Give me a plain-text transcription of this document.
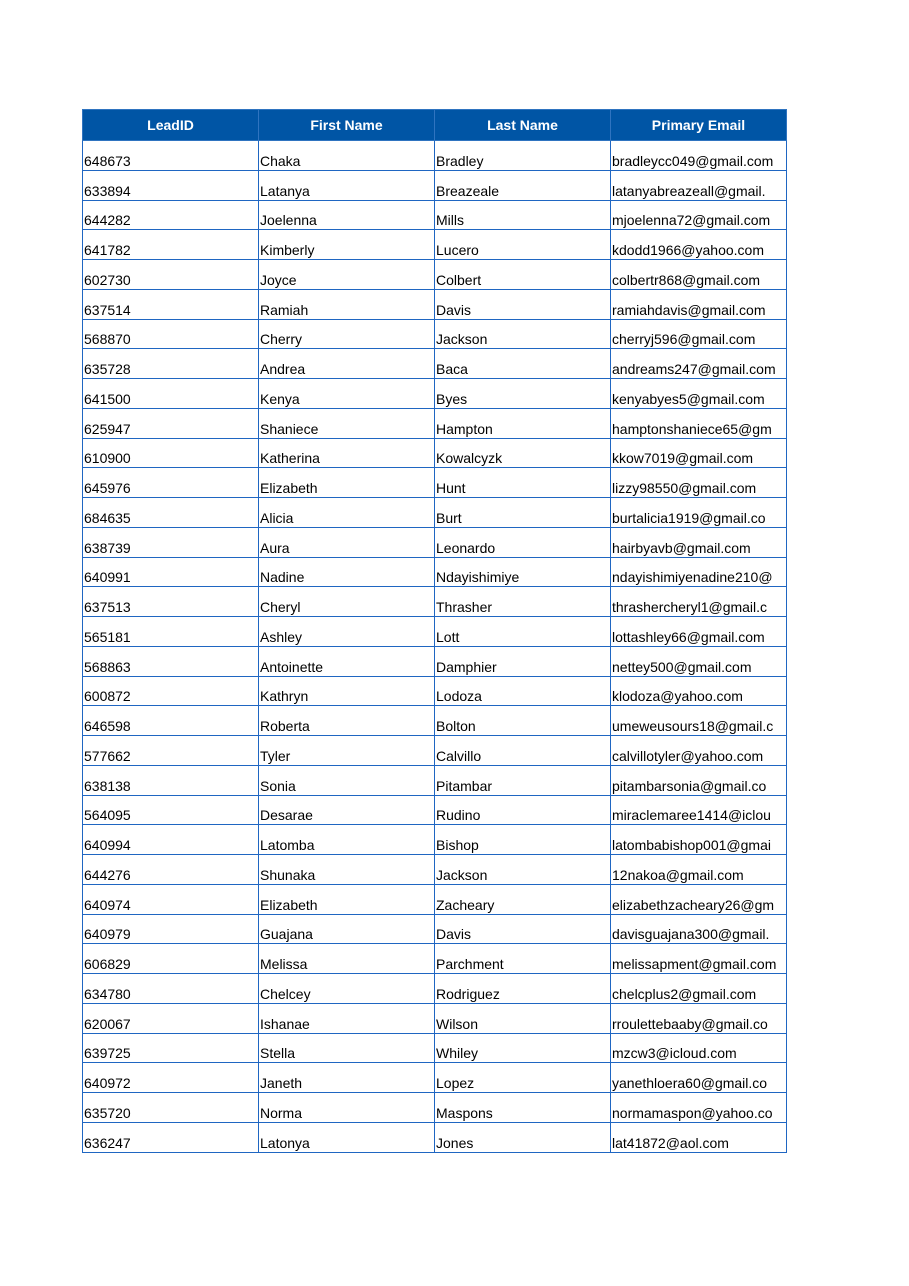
LeadID	First Name	Last Name	Primary Email
648673	Chaka	Bradley	bradleycc049@gmail.com
633894	Latanya	Breazeale	latanyabreazeall@gmail.
644282	Joelenna	Mills	mjoelenna72@gmail.com
641782	Kimberly	Lucero	kdodd1966@yahoo.com
602730	Joyce	Colbert	colbertr868@gmail.com
637514	Ramiah	Davis	ramiahdavis@gmail.com
568870	Cherry	Jackson	cherryj596@gmail.com
635728	Andrea	Baca	andreams247@gmail.com
641500	Kenya	Byes	kenyabyes5@gmail.com
625947	Shaniece	Hampton	hamptonshaniece65@gm
610900	Katherina	Kowalcyzk	kkow7019@gmail.com
645976	Elizabeth	Hunt	lizzy98550@gmail.com
684635	Alicia	Burt	burtalicia1919@gmail.co
638739	Aura	Leonardo	hairbyavb@gmail.com
640991	Nadine	Ndayishimiye	ndayishimiyenadine210@
637513	Cheryl	Thrasher	thrashercheryl1@gmail.c
565181	Ashley	Lott	lottashley66@gmail.com
568863	Antoinette	Damphier	nettey500@gmail.com
600872	Kathryn	Lodoza	klodoza@yahoo.com
646598	Roberta	Bolton	umeweusours18@gmail.c
577662	Tyler	Calvillo	calvillotyler@yahoo.com
638138	Sonia	Pitambar	pitambarsonia@gmail.co
564095	Desarae	Rudino	miraclemaree1414@iclou
640994	Latomba	Bishop	latombabishop001@gmai
644276	Shunaka	Jackson	12nakoa@gmail.com
640974	Elizabeth	Zacheary	elizabethzacheary26@gm
640979	Guajana	Davis	davisguajana300@gmail.
606829	Melissa	Parchment	melissapment@gmail.com
634780	Chelcey	Rodriguez	chelcplus2@gmail.com
620067	Ishanae	Wilson	rroulettebaaby@gmail.co
639725	Stella	Whiley	mzcw3@icloud.com
640972	Janeth	Lopez	yanethloera60@gmail.co
635720	Norma	Maspons	normamaspon@yahoo.co
636247	Latonya	Jones	lat41872@aol.com
